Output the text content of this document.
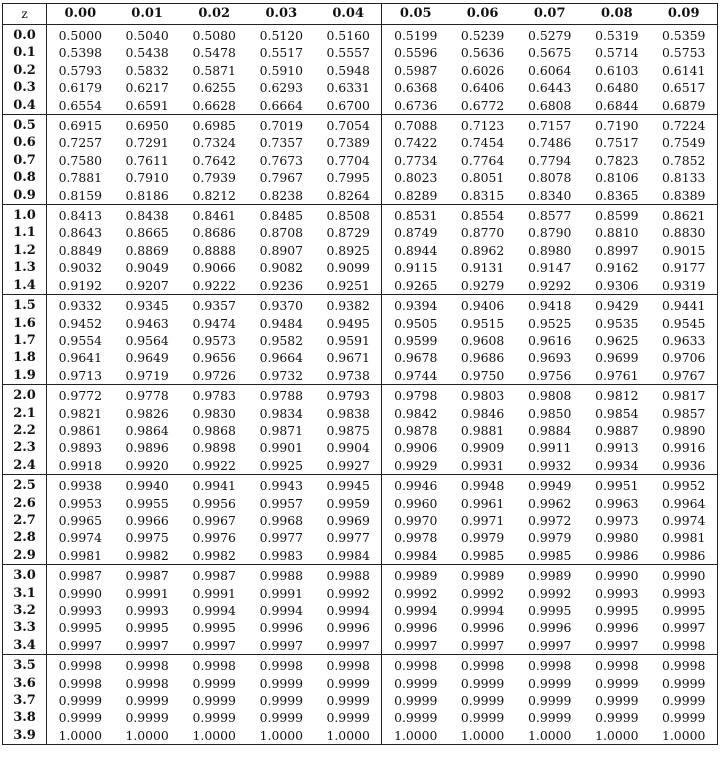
z	0.00	0.01	0.02	0.03	0.04	0.05	0.06	0.07	0.08	0.09
0.0	0.5000	0.5040	0.5080	0.5120	0.5160	0.5199	0.5239	0.5279	0.5319	0.5359
0.1	0.5398	0.5438	0.5478	0.5517	0.5557	0.5596	0.5636	0.5675	0.5714	0.5753
0.2	0.5793	0.5832	0.5871	0.5910	0.5948	0.5987	0.6026	0.6064	0.6103	0.6141
0.3	0.6179	0.6217	0.6255	0.6293	0.6331	0.6368	0.6406	0.6443	0.6480	0.6517
0.4	0.6554	0.6591	0.6628	0.6664	0.6700	0.6736	0.6772	0.6808	0.6844	0.6879
0.5	0.6915	0.6950	0.6985	0.7019	0.7054	0.7088	0.7123	0.7157	0.7190	0.7224
0.6	0.7257	0.7291	0.7324	0.7357	0.7389	0.7422	0.7454	0.7486	0.7517	0.7549
0.7	0.7580	0.7611	0.7642	0.7673	0.7704	0.7734	0.7764	0.7794	0.7823	0.7852
0.8	0.7881	0.7910	0.7939	0.7967	0.7995	0.8023	0.8051	0.8078	0.8106	0.8133
0.9	0.8159	0.8186	0.8212	0.8238	0.8264	0.8289	0.8315	0.8340	0.8365	0.8389
1.0	0.8413	0.8438	0.8461	0.8485	0.8508	0.8531	0.8554	0.8577	0.8599	0.8621
1.1	0.8643	0.8665	0.8686	0.8708	0.8729	0.8749	0.8770	0.8790	0.8810	0.8830
1.2	0.8849	0.8869	0.8888	0.8907	0.8925	0.8944	0.8962	0.8980	0.8997	0.9015
1.3	0.9032	0.9049	0.9066	0.9082	0.9099	0.9115	0.9131	0.9147	0.9162	0.9177
1.4	0.9192	0.9207	0.9222	0.9236	0.9251	0.9265	0.9279	0.9292	0.9306	0.9319
1.5	0.9332	0.9345	0.9357	0.9370	0.9382	0.9394	0.9406	0.9418	0.9429	0.9441
1.6	0.9452	0.9463	0.9474	0.9484	0.9495	0.9505	0.9515	0.9525	0.9535	0.9545
1.7	0.9554	0.9564	0.9573	0.9582	0.9591	0.9599	0.9608	0.9616	0.9625	0.9633
1.8	0.9641	0.9649	0.9656	0.9664	0.9671	0.9678	0.9686	0.9693	0.9699	0.9706
1.9	0.9713	0.9719	0.9726	0.9732	0.9738	0.9744	0.9750	0.9756	0.9761	0.9767
2.0	0.9772	0.9778	0.9783	0.9788	0.9793	0.9798	0.9803	0.9808	0.9812	0.9817
2.1	0.9821	0.9826	0.9830	0.9834	0.9838	0.9842	0.9846	0.9850	0.9854	0.9857
2.2	0.9861	0.9864	0.9868	0.9871	0.9875	0.9878	0.9881	0.9884	0.9887	0.9890
2.3	0.9893	0.9896	0.9898	0.9901	0.9904	0.9906	0.9909	0.9911	0.9913	0.9916
2.4	0.9918	0.9920	0.9922	0.9925	0.9927	0.9929	0.9931	0.9932	0.9934	0.9936
2.5	0.9938	0.9940	0.9941	0.9943	0.9945	0.9946	0.9948	0.9949	0.9951	0.9952
2.6	0.9953	0.9955	0.9956	0.9957	0.9959	0.9960	0.9961	0.9962	0.9963	0.9964
2.7	0.9965	0.9966	0.9967	0.9968	0.9969	0.9970	0.9971	0.9972	0.9973	0.9974
2.8	0.9974	0.9975	0.9976	0.9977	0.9977	0.9978	0.9979	0.9979	0.9980	0.9981
2.9	0.9981	0.9982	0.9982	0.9983	0.9984	0.9984	0.9985	0.9985	0.9986	0.9986
3.0	0.9987	0.9987	0.9987	0.9988	0.9988	0.9989	0.9989	0.9989	0.9990	0.9990
3.1	0.9990	0.9991	0.9991	0.9991	0.9992	0.9992	0.9992	0.9992	0.9993	0.9993
3.2	0.9993	0.9993	0.9994	0.9994	0.9994	0.9994	0.9994	0.9995	0.9995	0.9995
3.3	0.9995	0.9995	0.9995	0.9996	0.9996	0.9996	0.9996	0.9996	0.9996	0.9997
3.4	0.9997	0.9997	0.9997	0.9997	0.9997	0.9997	0.9997	0.9997	0.9997	0.9998
3.5	0.9998	0.9998	0.9998	0.9998	0.9998	0.9998	0.9998	0.9998	0.9998	0.9998
3.6	0.9998	0.9998	0.9999	0.9999	0.9999	0.9999	0.9999	0.9999	0.9999	0.9999
3.7	0.9999	0.9999	0.9999	0.9999	0.9999	0.9999	0.9999	0.9999	0.9999	0.9999
3.8	0.9999	0.9999	0.9999	0.9999	0.9999	0.9999	0.9999	0.9999	0.9999	0.9999
3.9	1.0000	1.0000	1.0000	1.0000	1.0000	1.0000	1.0000	1.0000	1.0000	1.0000
